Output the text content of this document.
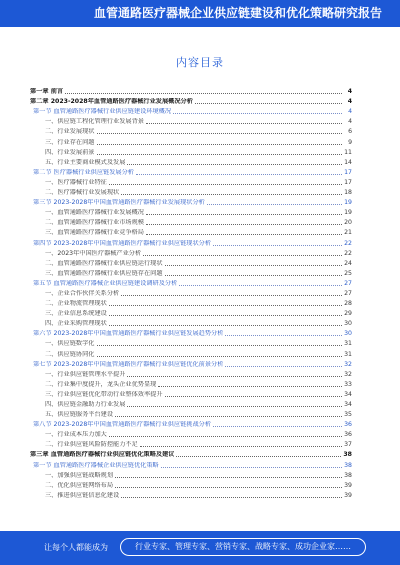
血管通路医疗器械企业供应链建设和优化策略研究报告
内容目录
第一章 前言	4
第二章 2023-2028年血管通路医疗器械行业发展概况分析	4
第一节 血管通路医疗器械行业供应链建设环境概况	4
一、供应链工程化管理行业发展背景	4
二、行业发展现状	6
三、行业存在问题	9
四、行业发展前景	11
五、行业主要商业模式及发展	14
第二节 医疗器械行业供应链发展分析	17
一、医疗器械行业特征	17
二、医疗器械行业发展现状	18
第三节 2023-2028年中国血管通路医疗器械行业发展现状分析	19
一、血管通路医疗器械行业发展概况	19
二、血管通路医疗器械行业市场规模	20
三、血管通路医疗器械行业竞争格局	21
第四节 2023-2028年中国血管通路医疗器械行业供应链现状分析	22
一、2023年中国医疗器械产业分析	22
二、血管通路医疗器械行业供应链运行现状	24
三、血管通路医疗器械行业供应链存在问题	25
第五节 血管通路医疗器械企业供应链建设调研及分析	27
一、企业合作伙伴关系分析	27
二、企业物流管理现状	28
三、企业信息系统建设	29
四、企业采购管理现状	30
第六节 2023-2028年中国血管通路医疗器械行业供应链发展趋势分析	30
一、供应链数字化	31
二、供应链协同化	31
第七节 2023-2028年中国血管通路医疗器械行业供应链优化前景分析	32
一、行业供应链管理水平提升	32
二、行业集中度提升，龙头企业优势显现	33
三、行业供应链优化带动行业整体效率提升	34
四、供应链金融助力行业发展	34
五、供应链服务平台建设	35
第八节 2023-2028年中国血管通路医疗器械行业供应链挑战分析	36
一、行业成本压力加大	36
二、行业供应链风险防控能力不足	37
第三章 血管通路医疗器械行业供应链优化策略及建议	38
第一节 血管通路医疗器械企业供应链优化策略	38
一、加强供应链战略规划	38
二、优化供应链网络布局	39
三、推进供应链信息化建设	39
让每个人都能成为	行业专家、管理专家、营销专家、战略专家、成功企业家……
